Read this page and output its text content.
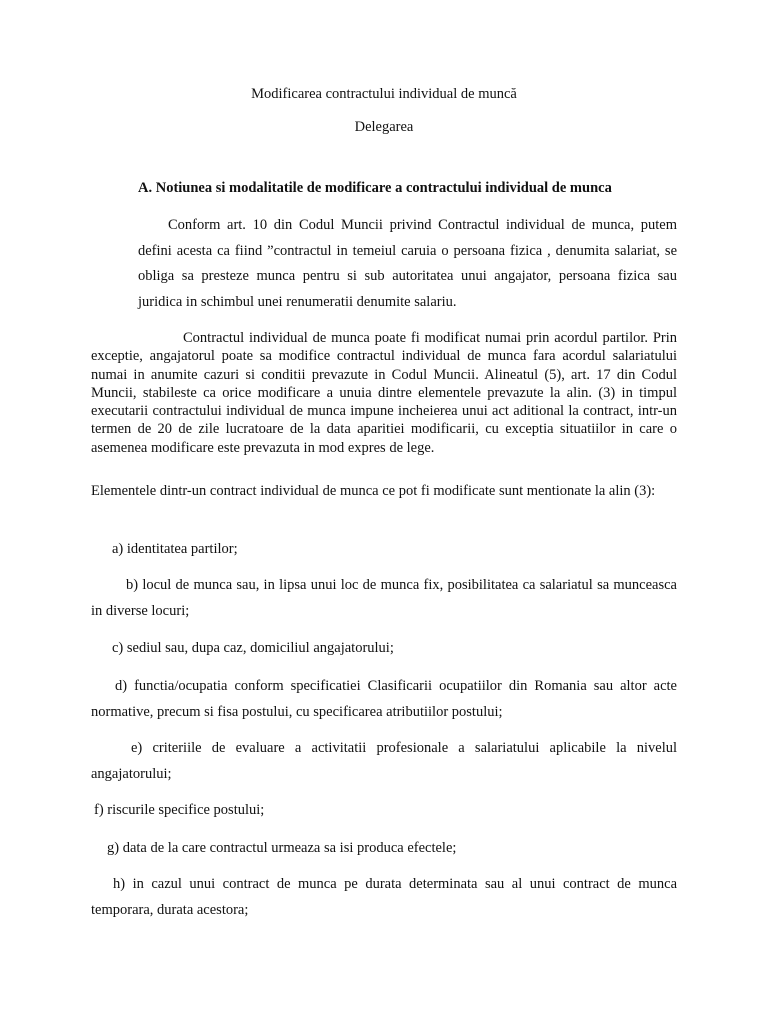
Modificarea contractului individual de muncă
Delegarea
A. Notiunea si modalitatile de modificare a contractului individual de munca
Conform art. 10 din Codul Muncii privind Contractul individual de munca, putem defini acesta ca fiind ”contractul in temeiul caruia o persoana fizica , denumita salariat, se obliga sa presteze munca pentru si sub autoritatea unui angajator, persoana fizica sau juridica in schimbul unei renumeratii denumite salariu.
Contractul individual de munca poate fi modificat numai prin acordul partilor. Prin exceptie, angajatorul poate sa modifice contractul individual de munca fara acordul salariatului numai in anumite cazuri si conditii prevazute in Codul Muncii. Alineatul (5), art. 17 din Codul Muncii, stabileste ca orice modificare a unuia dintre elementele prevazute la alin. (3) in timpul executarii contractului individual de munca impune incheierea unui act aditional la contract, intr-un termen de 20 de zile lucratoare de la data aparitiei modificarii, cu exceptia situatiilor in care o asemenea modificare este prevazuta in mod expres de lege.
Elementele dintr-un contract individual de munca ce pot fi modificate sunt mentionate la alin (3):
a) identitatea partilor;
b) locul de munca sau, in lipsa unui loc de munca fix, posibilitatea ca salariatul sa munceasca in diverse locuri;
c) sediul sau, dupa caz, domiciliul angajatorului;
d) functia/ocupatia conform specificatiei Clasificarii ocupatiilor din Romania sau altor acte normative, precum si fisa postului, cu specificarea atributiilor postului;
e) criteriile de evaluare a activitatii profesionale a salariatului aplicabile la nivelul angajatorului;
f) riscurile specifice postului;
g) data de la care contractul urmeaza sa isi produca efectele;
h) in cazul unui contract de munca pe durata determinata sau al unui contract de munca temporara, durata acestora;
